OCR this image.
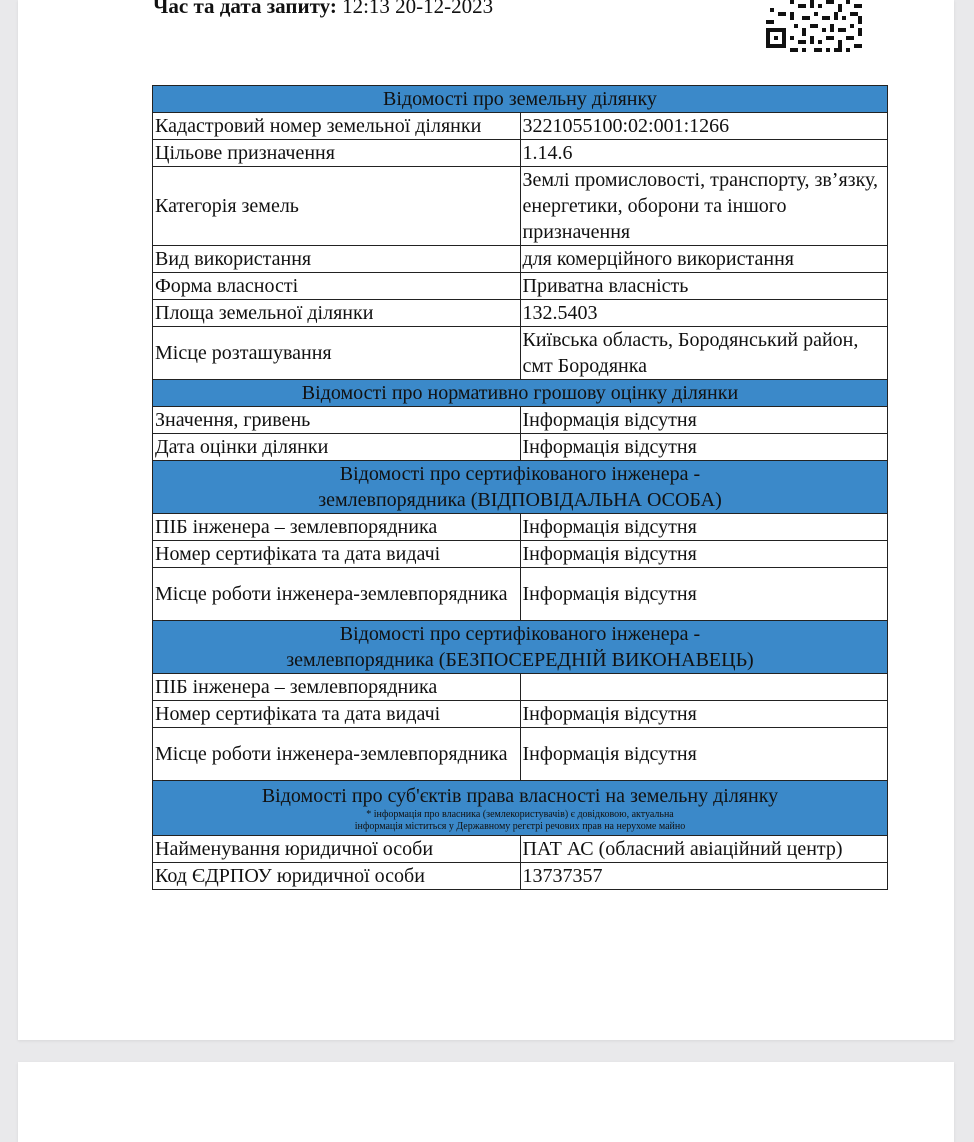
Час та дата запиту: 12:13 20-12-2023
Відомості про земельну ділянку	
Кадастровий номер земельної ділянки	3221055100:02:001:1266
Цільове призначення	1.14.6
Категорія земель	Землі промисловості, транспорту, зв’язку, енергетики, оборони та іншого призначення
Вид використання	для комерційного використання
Форма власності	Приватна власність
Площа земельної ділянки	132.5403
Місце розташування	Київська область, Бородянський район, смт Бородянка
Відомості про нормативно грошову оцінку ділянки	
Значення, гривень	Інформація відсутня
Дата оцінки ділянки	Інформація відсутня
Відомості про сертифікованого інженера -
землевпорядника (ВІДПОВІДАЛЬНА ОСОБА)	
ПІБ інженера – землевпорядника	Інформація відсутня
Номер сертифіката та дата видачі	Інформація відсутня
Місце роботи інженера-землевпорядника	Інформація відсутня
Відомості про сертифікованого інженера -
землевпорядника (БЕЗПОСЕРЕДНІЙ ВИКОНАВЕЦЬ)	
ПІБ інженера – землевпорядника	
Номер сертифіката та дата видачі	Інформація відсутня
Місце роботи інженера-землевпорядника	Інформація відсутня
Відомості про суб'єктів права власності на земельну ділянку
* інформація про власника (землекористувачів) є довідковою, актуальна
інформація міститься у Державному регєтрі речових прав на нерухоме майно	

Найменування юридичної особи	ПАТ АС (обласний авіаційний центр)
Код ЄДРПОУ юридичної особи	13737357
